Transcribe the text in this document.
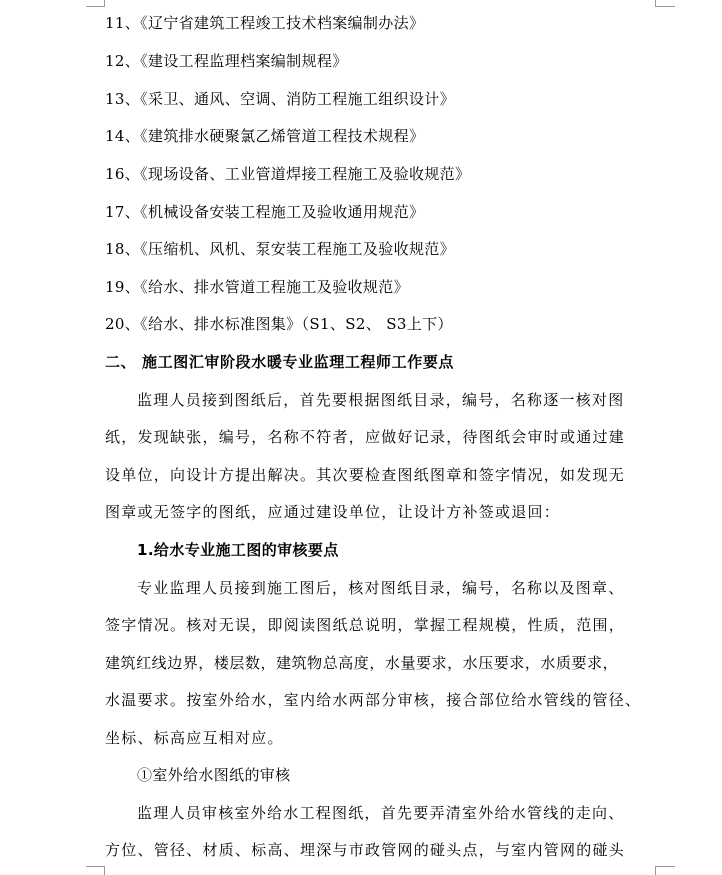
11、《辽宁省建筑工程竣工技术档案编制办法》
12、《建设工程监理档案编制规程》
13、《采卫、通风、空调、消防工程施工组织设计》
14、《建筑排水硬聚氯乙烯管道工程技术规程》
16、《现场设备、工业管道焊接工程施工及验收规范》
17、《机械设备安装工程施工及验收通用规范》
18、《压缩机、风机、泵安装工程施工及验收规范》
19、《给水、排水管道工程施工及验收规范》
20、《给水、排水标准图集》（S1、S2、 S3上下）
二、 施工图汇审阶段水暖专业监理工程师工作要点
监理人员接到图纸后，首先要根据图纸目录，编号，名称逐一核对图
纸，发现缺张，编号，名称不符者，应做好记录，待图纸会审时或通过建
设单位，向设计方提出解决。其次要检查图纸图章和签字情况，如发现无
图章或无签字的图纸，应通过建设单位，让设计方补签或退回：
1.给水专业施工图的审核要点
专业监理人员接到施工图后，核对图纸目录，编号，名称以及图章、
签字情况。核对无误，即阅读图纸总说明，掌握工程规模，性质，范围，
建筑红线边界，楼层数，建筑物总高度，水量要求，水压要求，水质要求，
水温要求。按室外给水，室内给水两部分审核，接合部位给水管线的管径、
坐标、标高应互相对应。
①室外给水图纸的审核
监理人员审核室外给水工程图纸，首先要弄清室外给水管线的走向、
方位、管径、材质、标高、埋深与市政管网的碰头点，与室内管网的碰头
